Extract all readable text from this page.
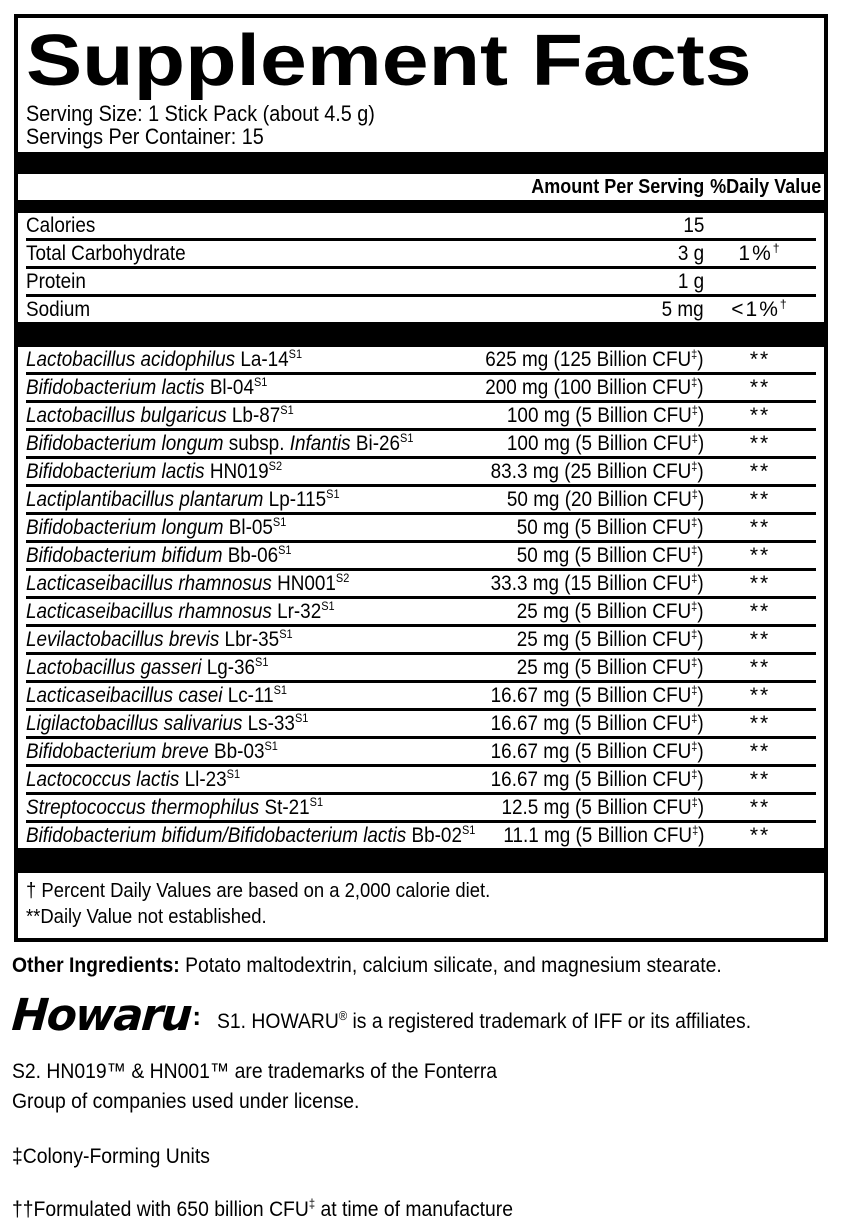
Supplement Facts
Serving Size: 1 Stick Pack (about 4.5 g)
Servings Per Container: 15
Amount Per Serving %Daily Value
Calories	15
Total Carbohydrate	3 g	1%†
Protein	1 g
Sodium	5 mg	<1%†
Lactobacillus acidophilus $La-14^{S1}$	625 mg (125 Billion CFU‡)	**
Bifidobacterium lactis $Bl-04^{S1}$	200 mg (100 Billion CFU‡)	**
Lactobacillus bulgaricus $Lb-87^{S1}$	100 mg (5 Billion CFU‡)	**
Bifidobacterium longum subsp. Infantis $Bi-26^{S1}$	100 mg (5 Billion CFU‡)	**
Bifidobacterium lactis $HN019^{S2}$	83.3 mg (25 Billion CFU‡)	**
Lactiplantibacillus plantarum $Lp-115^{S1}$	50 mg (20 Billion CFU‡)	**
Bifidobacterium longum $Bl-05^{S1}$	50 mg (5 Billion CFU‡)	**
Bifidobacterium bifidum $Bb-06^{S1}$	50 mg (5 Billion CFU‡)	**
Lacticaseibacillus rhamnosus $HN001^{S2}$	33.3 mg (15 Billion CFU‡)	**
Lacticaseibacillus rhamnosus $Lr-32^{S1}$	25 mg (5 Billion CFU‡)	**
Levilactobacillus brevis Lbr-$35^{S1}$	25 mg (5 Billion CFU‡)	**
Lactobacillus gasseri $Lg-36^{S1}$	25 mg (5 Billion CFU‡)	**
Lacticaseibacillus casei $Lc-11^{S1}$	16.67 mg (5 Billion CFU‡)	**
Ligilactobacillus salivarius $Ls-33^{S1}$	16.67 mg (5 Billion CFU‡)	**
Bifidobacterium breve $Bb-03^{S1}$	16.67 mg (5 Billion CFU‡)	**
Lactococcus lactis $Ll-23^{S1}$	16.67 mg (5 Billion CFU‡)	**
Streptococcus thermophilus $St-21^{S1}$	12.5 mg (5 Billion CFU‡)	**
Bifidobacterium bifidum/Bifidobacterium lactis $Bb-02^{S1}$	11.1 mg (5 Billion CFU‡)	**
† Percent Daily Values are based on a 2,000 calorie diet.
**Daily Value not established.
Other Ingredients: Potato maltodextrin, calcium silicate, and magnesium stearate.
Howaru : S1. HOWARU® is a registered trademark of IFF or its affiliates.
S2. HN019™ & HN001™ are trademarks of the Fonterra
Group of companies used under license.
‡Colony-Forming Units
††Formulated with 650 billion CFU‡ at time of manufacture
